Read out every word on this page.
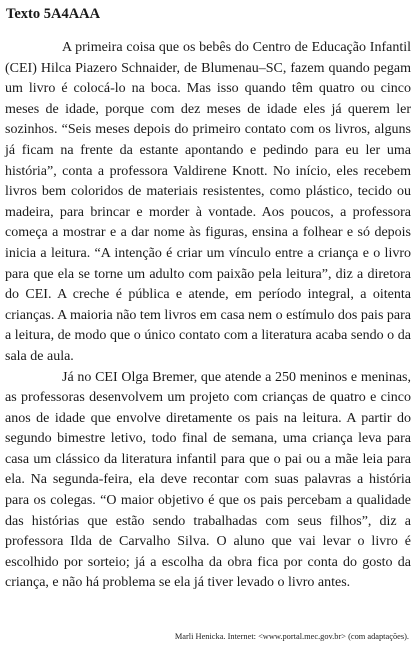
Texto 5A4AAA

A primeira coisa que os bebês do Centro de Educação Infantil (CEI) Hilca Piazero Schnaider, de Blumenau–SC, fazem quando pegam um livro é colocá-lo na boca. Mas isso quando têm quatro ou cinco meses de idade, porque com dez meses de idade eles já querem ler sozinhos. “Seis meses depois do primeiro contato com os livros, alguns já ficam na frente da estante apontando e pedindo para eu ler uma história”, conta a professora Valdirene Knott. No início, eles recebem livros bem coloridos de materiais resistentes, como plástico, tecido ou madeira, para brincar e morder à vontade. Aos poucos, a professora começa a mostrar e a dar nome às figuras, ensina a folhear e só depois inicia a leitura. “A intenção é criar um vínculo entre a criança e o livro para que ela se torne um adulto com paixão pela leitura”, diz a diretora do CEI. A creche é pública e atende, em período integral, a oitenta crianças. A maioria não tem livros em casa nem o estímulo dos pais para a leitura, de modo que o único contato com a literatura acaba sendo o da sala de aula.

Já no CEI Olga Bremer, que atende a 250 meninos e meninas, as professoras desenvolvem um projeto com crianças de quatro e cinco anos de idade que envolve diretamente os pais na leitura. A partir do segundo bimestre letivo, todo final de semana, uma criança leva para casa um clássico da literatura infantil para que o pai ou a mãe leia para ela. Na segunda-feira, ela deve recontar com suas palavras a história para os colegas. “O maior objetivo é que os pais percebam a qualidade das histórias que estão sendo trabalhadas com seus filhos”, diz a professora Ilda de Carvalho Silva. O aluno que vai levar o livro é escolhido por sorteio; já a escolha da obra fica por conta do gosto da criança, e não há problema se ela já tiver levado o livro antes.

Marli Henicka. Internet: <www.portal.mec.gov.br> (com adaptações).
